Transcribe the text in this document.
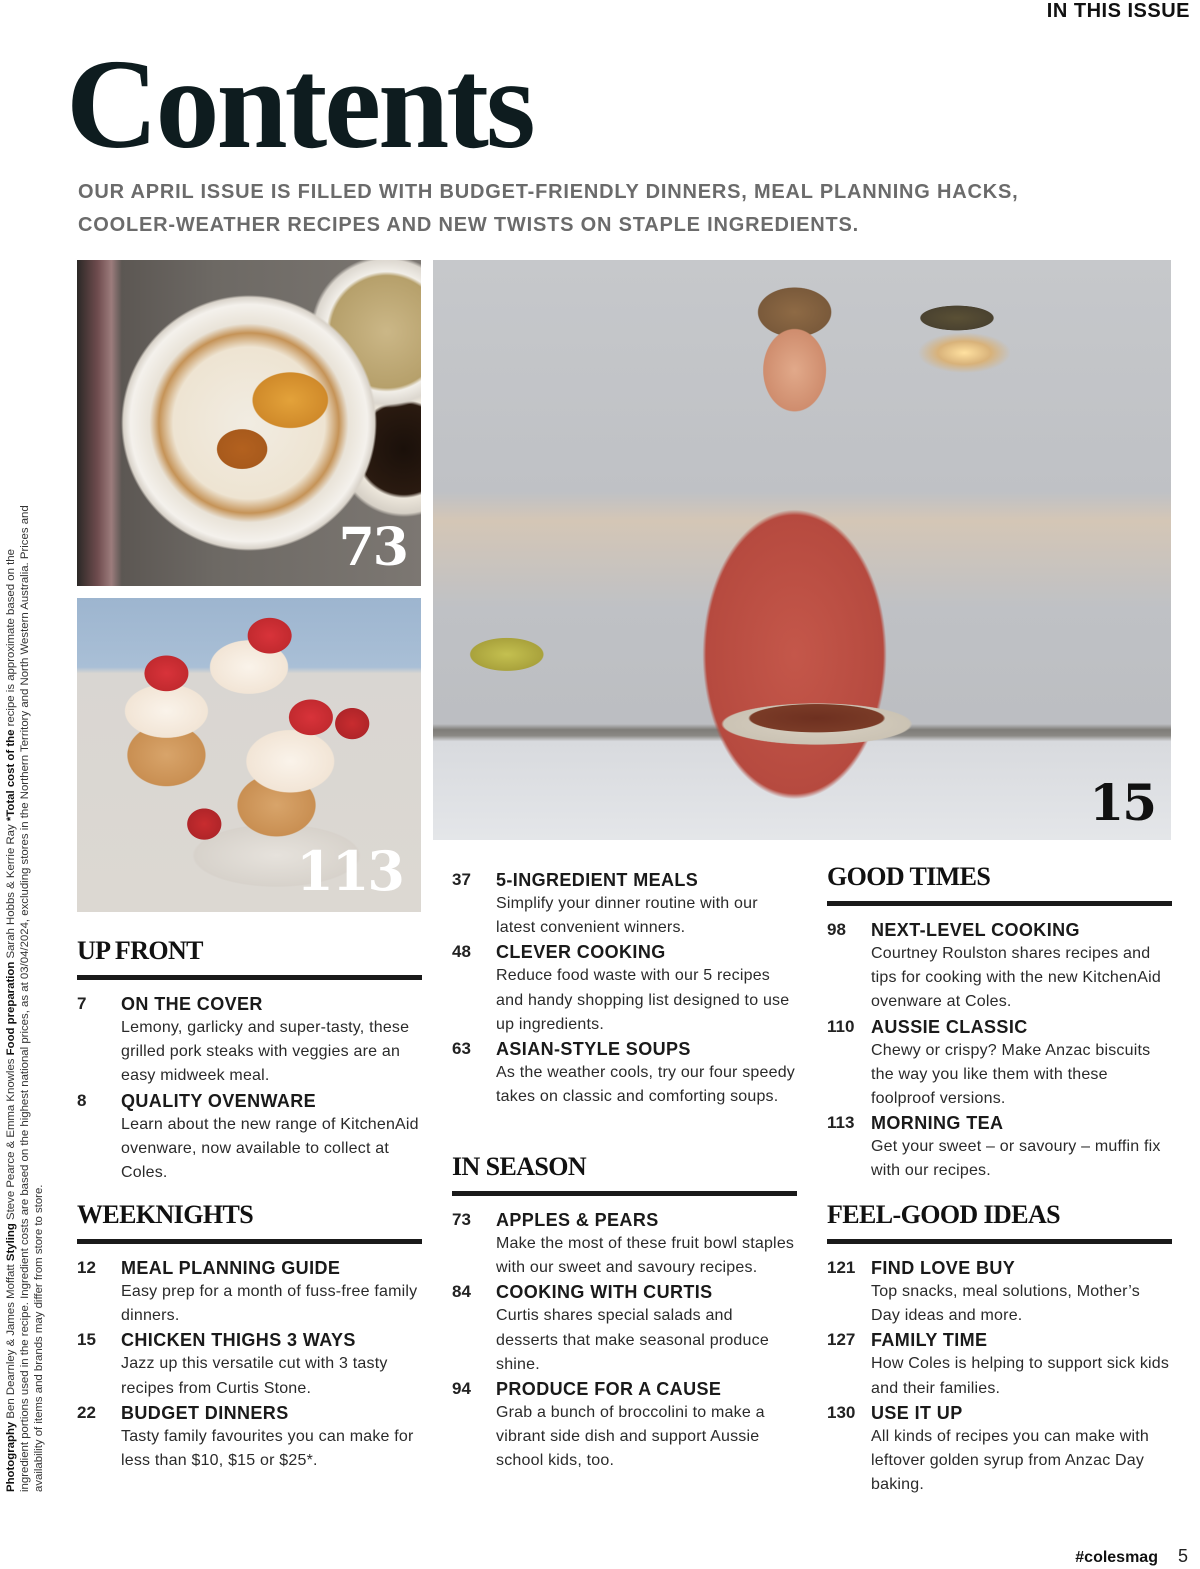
IN THIS ISSUE
Contents

OUR APRIL ISSUE IS FILLED WITH BUDGET-FRIENDLY DINNERS, MEAL PLANNING HACKS, COOLER-WEATHER RECIPES AND NEW TWISTS ON STAPLE INGREDIENTS.

73
113
15
Photography Ben Dearnley & James Moffatt Styling Steve Pearce & Emma Knowles Food preparation Sarah Hobbs & Kerrie Ray *Total cost of the recipe is approximate based on the ingredient portions used in the recipe. Ingredient costs are based on the highest national prices, as at 03/04/2024, excluding stores in the Northern Territory and North Western Australia. Prices and availability of items and brands may differ from store to store.
UP FRONT
7	ON THE COVER
Lemony, garlicky and super-tasty, these grilled pork steaks with veggies are an easy midweek meal.
8	QUALITY OVENWARE
Learn about the new range of KitchenAid ovenware, now available to collect at Coles.
WEEKNIGHTS
12	MEAL PLANNING GUIDE
Easy prep for a month of fuss-free family dinners.
15	CHICKEN THIGHS 3 WAYS
Jazz up this versatile cut with 3 tasty recipes from Curtis Stone.
22	BUDGET DINNERS
Tasty family favourites you can make for less than $10, $15 or $25*.
37	5-INGREDIENT MEALS
Simplify your dinner routine with our latest convenient winners.
48	CLEVER COOKING
Reduce food waste with our 5 recipes and handy shopping list designed to use up ingredients.
63	ASIAN-STYLE SOUPS
As the weather cools, try our four speedy takes on classic and comforting soups.
IN SEASON
73	APPLES & PEARS
Make the most of these fruit bowl staples with our sweet and savoury recipes.
84	COOKING WITH CURTIS
Curtis shares special salads and desserts that make seasonal produce shine.
94	PRODUCE FOR A CAUSE
Grab a bunch of broccolini to make a vibrant side dish and support Aussie school kids, too.
GOOD TIMES
98	NEXT-LEVEL COOKING
Courtney Roulston shares recipes and tips for cooking with the new KitchenAid ovenware at Coles.
110 AUSSIE CLASSIC
Chewy or crispy? Make Anzac biscuits the way you like them with these foolproof versions.
113 MORNING TEA
Get your sweet – or savoury – muffin fix with our recipes.
FEEL-GOOD IDEAS
121 FIND LOVE BUY
Top snacks, meal solutions, Mother’s Day ideas and more.
127 FAMILY TIME
How Coles is helping to support sick kids and their families.
130 USE IT UP
All kinds of recipes you can make with leftover golden syrup from Anzac Day baking.
#colesmag 5
